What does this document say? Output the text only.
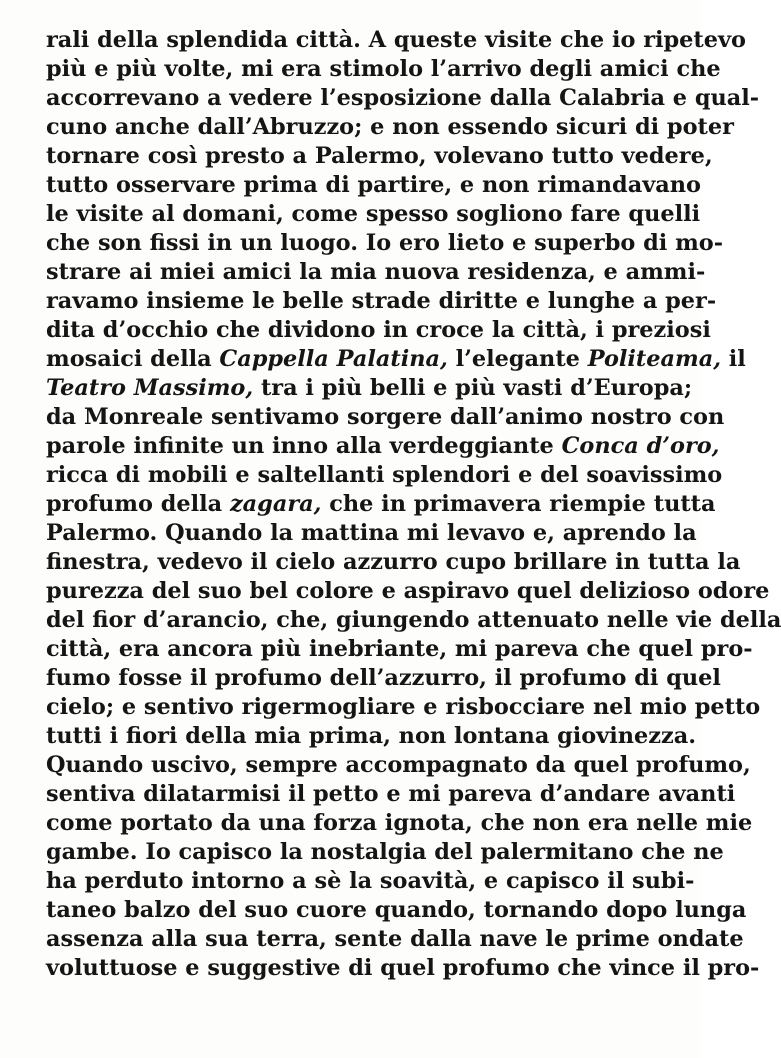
rali della splendida città. A queste visite che io ripetevo
più e più volte, mi era stimolo l’arrivo degli amici che
accorrevano a vedere l’esposizione dalla Calabria e qual-
cuno anche dall’Abruzzo; e non essendo sicuri di poter
tornare così presto a Palermo, volevano tutto vedere,
tutto osservare prima di partire, e non rimandavano
le visite al domani, come spesso sogliono fare quelli
che son fissi in un luogo. Io ero lieto e superbo di mo-
strare ai miei amici la mia nuova residenza, e ammi-
ravamo insieme le belle strade diritte e lunghe a per-
dita d’occhio che dividono in croce la città, i preziosi
mosaici della Cappella Palatina, l’elegante Politeama, il
Teatro Massimo, tra i più belli e più vasti d’Europa;
da Monreale sentivamo sorgere dall’animo nostro con
parole infinite un inno alla verdeggiante Conca d’oro,
ricca di mobili e saltellanti splendori e del soavissimo
profumo della zagara, che in primavera riempie tutta
Palermo. Quando la mattina mi levavo e, aprendo la
finestra, vedevo il cielo azzurro cupo brillare in tutta la
purezza del suo bel colore e aspiravo quel delizioso odore
del fior d’arancio, che, giungendo attenuato nelle vie della
città, era ancora più inebriante, mi pareva che quel pro-
fumo fosse il profumo dell’azzurro, il profumo di quel
cielo; e sentivo rigermogliare e risbocciare nel mio petto
tutti i fiori della mia prima, non lontana giovinezza.
Quando uscivo, sempre accompagnato da quel profumo,
sentiva dilatarmisi il petto e mi pareva d’andare avanti
come portato da una forza ignota, che non era nelle mie
gambe. Io capisco la nostalgia del palermitano che ne
ha perduto intorno a sè la soavità, e capisco il subi-
taneo balzo del suo cuore quando, tornando dopo lunga
assenza alla sua terra, sente dalla nave le prime ondate
voluttuose e suggestive di quel profumo che vince il pro-
